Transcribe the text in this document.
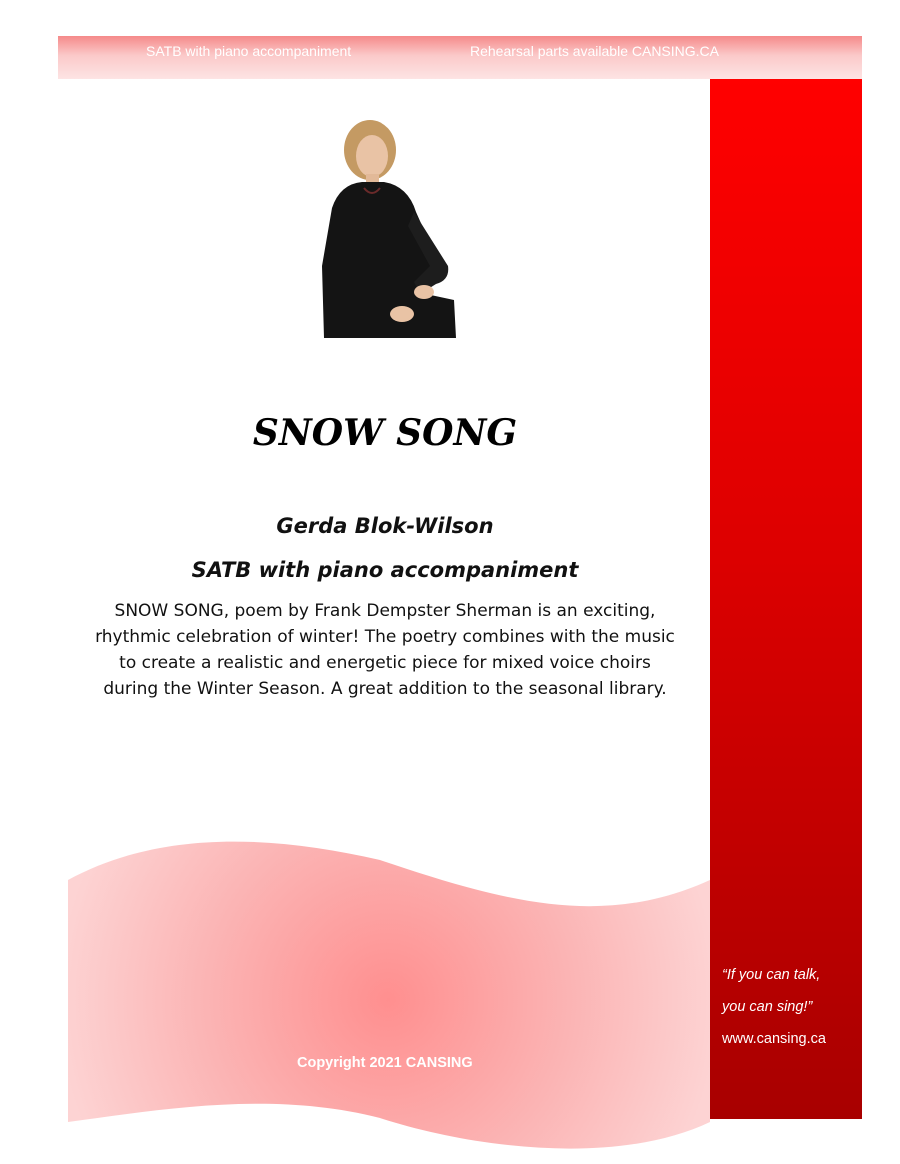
SATB with piano accompaniment	Rehearsal parts available CANSING.CA
“If you can talk,
you can sing!”
www.cansing.ca
SNOW SONG
Gerda Blok-Wilson
SATB with piano accompaniment
SNOW SONG, poem by Frank Dempster Sherman is an exciting, rhythmic celebration of winter! The poetry combines with the music to create a realistic and energetic piece for mixed voice choirs during the Winter Season. A great addition to the seasonal library.
Copyright 2021 CANSING
